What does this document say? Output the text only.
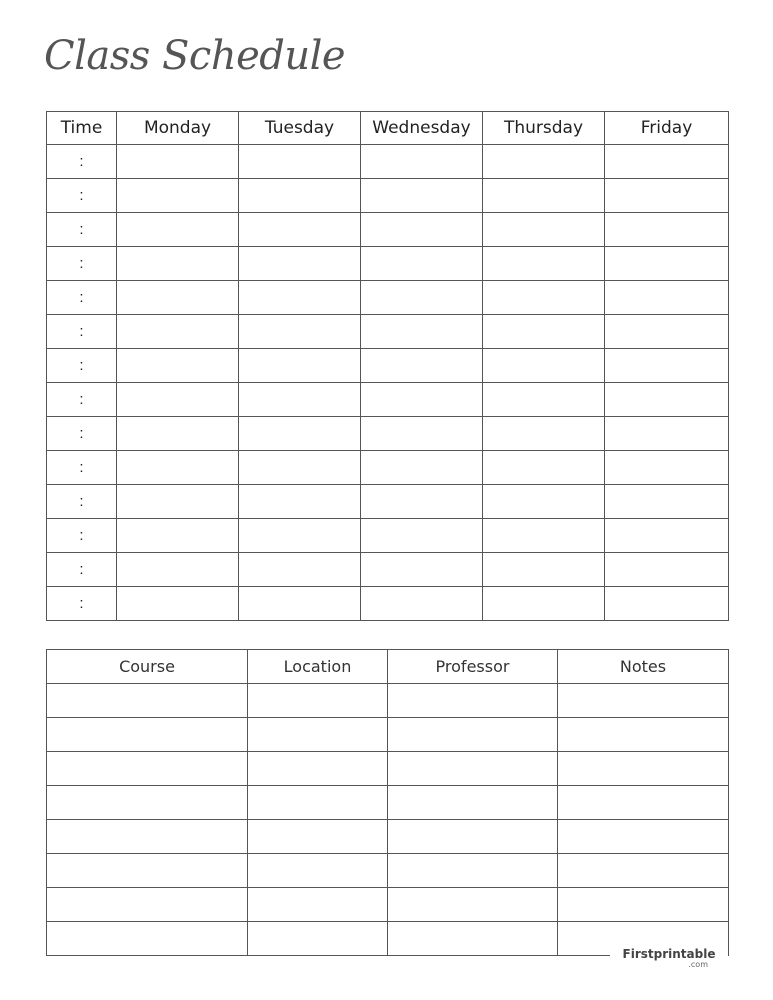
Class Schedule
Time	Monday	Tuesday	Wednesday	Thursday	Friday
:					
:					
:					
:					
:					
:					
:					
:					
:					
:					
:					
:					
:					
:					
Course	Location	Professor	Notes

Firstprintable
.com
